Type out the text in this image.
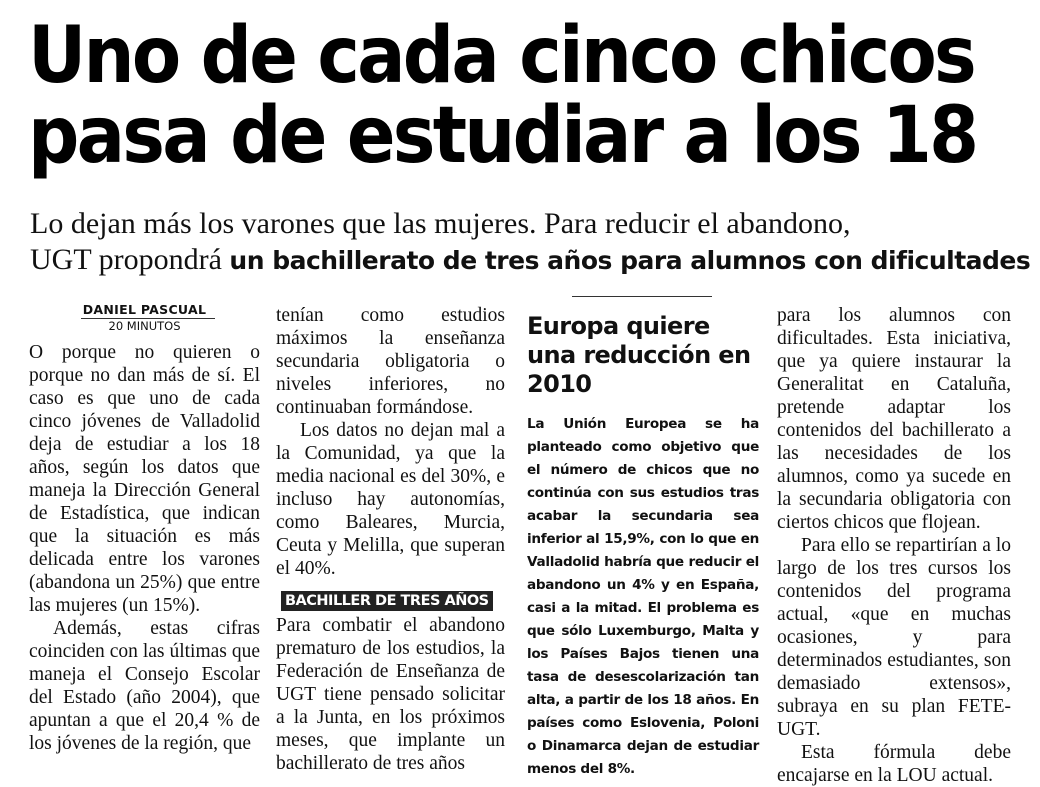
Uno de cada cinco chicos
pasa de estudiar a los 18
Lo dejan más los varones que las mujeres. Para reducir el abandono,
UGT propondrá un bachillerato de tres años para alumnos con dificultades
DANIEL PASCUAL
20 MINUTOS

O porque no quieren o porque no dan más de sí. El caso es que uno de cada cinco jóvenes de Valladolid deja de estudiar a los 18 años, según los datos que maneja la Dirección General de Estadística, que indican que la situación es más delicada entre los varones (abandona un 25%) que entre las mujeres (un 15%).

Además, estas cifras coinciden con las últimas que maneja el Consejo Escolar del Estado (año 2004), que apuntan a que el 20,4 % de los jóvenes de la región, que

tenían como estudios máximos la enseñanza secundaria obligatoria o niveles inferiores, no continuaban formándose.

Los datos no dejan mal a la Comunidad, ya que la media nacional es del 30%, e incluso hay autonomías, como Baleares, Murcia, Ceuta y Melilla, que superan el 40%.

BACHILLER DE TRES AÑOS

Para combatir el abandono prematuro de los estudios, la Federación de Enseñanza de UGT tiene pensado solicitar a la Junta, en los próximos meses, que implante un bachillerato de tres años

Europa quiere una reducción en 2010
La Unión Europea se ha planteado como objetivo que el número de chicos que no continúa con sus estudios tras acabar la secundaria sea inferior al 15,9%, con lo que en Valladolid habría que reducir el abandono un 4% y en España, casi a la mitad. El problema es que sólo Luxemburgo, Malta y los Países Bajos tienen una tasa de desescolarización tan alta, a partir de los 18 años. En países como Eslovenia, Poloni o Dinamarca dejan de estudiar menos del 8%.

para los alumnos con dificultades. Esta iniciativa, que ya quiere instaurar la Generalitat en Cataluña, pretende adaptar los contenidos del bachillerato a las necesidades de los alumnos, como ya sucede en la secundaria obligatoria con ciertos chicos que flojean.

Para ello se repartirían a lo largo de los tres cursos los contenidos del programa actual, «que en muchas ocasiones, y para determinados estudiantes, son demasiado extensos», subraya en su plan FETE-UGT.

Esta fórmula debe encajarse en la LOU actual.
